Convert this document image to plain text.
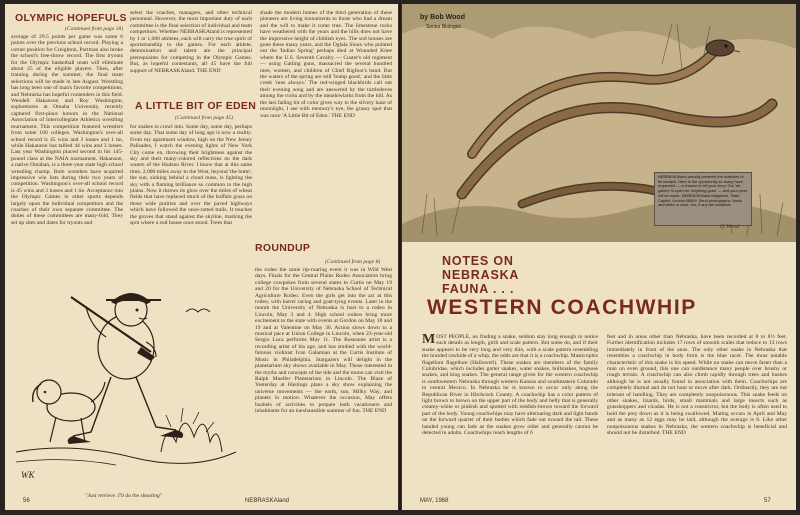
OLYMPIC HOPEFULS
(Continued from page 18)
average of 29.5 points per game was some 6 points over the previous school record. Playing a corner position for Creighton, Portman also broke the school's free-throw record. The first tryouts for the Olympic basketball team will eliminate about 25 of the eligible players. Then, after training during the summer, the final team selections will be made in late August. Wrestling has long been one of man's favorite competitions, and Nebraska has hopeful contenders in this field. Wendell Hakanson and Roy Washington, sophomores at Omaha University, recently captured first-place honors in the National Association of Intercollegiate Athletics wrestling tournament. This competition featured wrestlers from some 100 colleges. Washington's over-all school record is 45 wins and 3 losses and 1 tie, while Hakanson has tallied 44 wins and 3 losses. Last year Washington placed second in his 145-pound class at the NAIA tournament. Hakanson, a native Omahan, is a three-year state high school wrestling champ. Both wrestlers have acquired impressive win lists during their two years of competition. Washington's over-all school record is 45 wins and 3 losses and 1 tie. Acceptance into the Olympic Games in other sports depends largely upon the individual competitors and the coaches of their own separate committee. The duties of these committees are many-fold. They set up sites and dates for tryouts and
select the coaches, managers, and other technical personnel. However, the most important duty of each committee is the final selection of individual and team competitors. Whether NEBRASKAland is represented by 1 or 1,000 athletes, each will carry the true spirit of sportsmanship to the games. For each athlete, determination and talent are the principal prerequisites for competing in the Olympic Games. But, as hopeful contestants, all 45 have the full support of NEBRASKAland. THE END
A LITTLE BIT OF EDEN
(Continued from page 45)
for snakes to crawl into. Some day, some day, perhaps some day. That some day of long ago is now a reality. From my apartment window, high on the New Jersey Palisades, I watch the evening lights of New York City come on, throwing their brightness against the sky and their many-colored reflections on the dark waters of the Hudson River. I know that at this same time, 2,000 miles away to the West, beyond 'the butte', the sun, sinking behind a cloud mass, is lighting the sky with a flaming brilliance so common to the high plains. Now it throws its glow over the miles of wheat fields that have replaced much of the buffalo grass on those wide prairies and over the paved highways which have followed the once-rutted trails. It touches the groves that stand against the skyline, marking the spot where a sod house once stood. Trees that
shade the modern homes of the third generation of these pioneers are living monuments to those who had a dream and the will to make it come true. The limestone rocks have weathered with the years and the hills does not have the impressive height of childish eyes. The sod houses are gone these many years, and the Oglala Sioux who pointed out the 'Indian Spring' perhaps died at Wounded Knee where the U.S. Seventh Cavalry — Custer's old regiment — using Gatling guns, massacred the several hundred men, women, and children of Chief Bigfoot's band. But the waters of the spring are still 'bomp good,' and the little creek 'runs always.' The red-winged blackbirds call out their evening song and are answered by the turtledoves among the rocks and by the meadowlarks from the hill. As the last fading bit of color gives way to the silvery haze of moonlight, I see with memory's eye, the grassy spot that was once 'A Little Bit of Eden.' THE END
ROUNDUP
(Continued from page 8)
the rodeo the same rip-roaring event it was in Wild West days. Finals for the Central Plains Rodeo Association bring college cowpokes from several states to Curtis on May 19 and 20 for the University of Nebraska School of Technical Agriculture Rodeo. Even the girls get into the act at this rodeo, with barrel racing and goat-tying events. Later in the month the University of Nebraska is host to a rodeo in Lincoln, May 3 and 4. High school rodeos bring more excitement to the state with events at Gordon on May 18 and 19 and at Valentine on May 30. Action slows down to a musical pace at Union College in Lincoln, when 23-year-old Sergio Luca performs May 11. The Roseanne artist is a recording artist of his age, and has studied with the world-famous violinist Ivan Galamian at the Curtis Institute of Music in Philadelphia. Stargazers will delight in the planetarium sky shows available in May. Those interested in the myths and concepts of the tide and the moon can visit the Ralph Mueller Planetarium in Lincoln. The Blaze of Yesterday at Hastings plans a sky show explaining the universe movements — the earth, sun, Milky Way, and planets in motion. Whatever the occasion, May offers bushels of activities to prepare both vacationers and inhabitants for an inexhaustible summer of fun. THE END
WK
"Just retrieve. I'll do the shooting"
56	NEBRASKAland
by Bob Wood
Senior Biologist
NEBRASKAland proudly presents the sketches of its readers. Here is the opportunity so many have requested — a chance to tell your story. Our 'art gallery' is open for 'Anything goes' — and your prize will be made. NEBRASKAland Magazine, State Capitol, Lincoln 68509. Send photographs, black and white or color, too, if any are available.
Q.Wood
NOTES ON
NEBRASKA
FAUNA . . .
WESTERN COACHWHIP
MOST PEOPLE, on finding a snake, seldom stay long enough to notice such details as length, girth and scale pattern. But some do, and if their snake appears to be very long and very thin, with a scale pattern resembling the braided rawhide of a whip, the odds are that it is a coachwhip. Masticophis flagellum flagellum (Hallowell). These snakes are members of the family Colubridae, which includes garter snakes, water snakes, bullsnakes, hognose snakes, and king snakes. The general range given for the western coachwhip is southwestern Nebraska through western Kansas and southeastern Colorado to central Mexico. In Nebraska he is known to occur only along the Republican River in Hitchcock County. A coachwhip has a color pattern of light brown to brown on the upper part of the body and belly that is generally creamy-white or pinkish and spotted with reddish-brown toward the forward part of the body. Young coachwhips may have alternating dark and light bands on the forward quarter of their bodies which fade out toward the tail. These banded young can fade as the snakes grow older and generally cannot be detected in adults. Coachwhips reach lengths of 6
feet and in areas other than Nebraska, have been recorded at 8 to 8½ feet. Further identification includes 17 rows of smooth scales that reduce to 13 rows immediately in front of the anus. The only other snake in Nebraska that resembles a coachwhip in body form is the blue racer. The most notable characteristic of this snake is his speed. While no snake can move faster than a man on even ground, this one can outdistance many people over brushy or rough terrain. A coachwhip can also climb rapidly through trees and bushes although he is not usually found in association with them. Coachwhips are completely diurnal and do not hunt or move after dark. Ordinarily, they are not tolerant of handling. They are completely nonpoisonous. This snake feeds on other snakes, lizards, birds, small mammals and large insects such as grasshoppers and cicadas. He is not a constrictor, but the body is often used to hold the prey down as it is being swallowed. Mating occurs in April and May and as many as 12 eggs may be laid, although the average is 8. Like other nonpoisonous snakes in Nebraska, the western coachwhip is beneficial and should not be disturbed. THE END
MAY, 1968	57
